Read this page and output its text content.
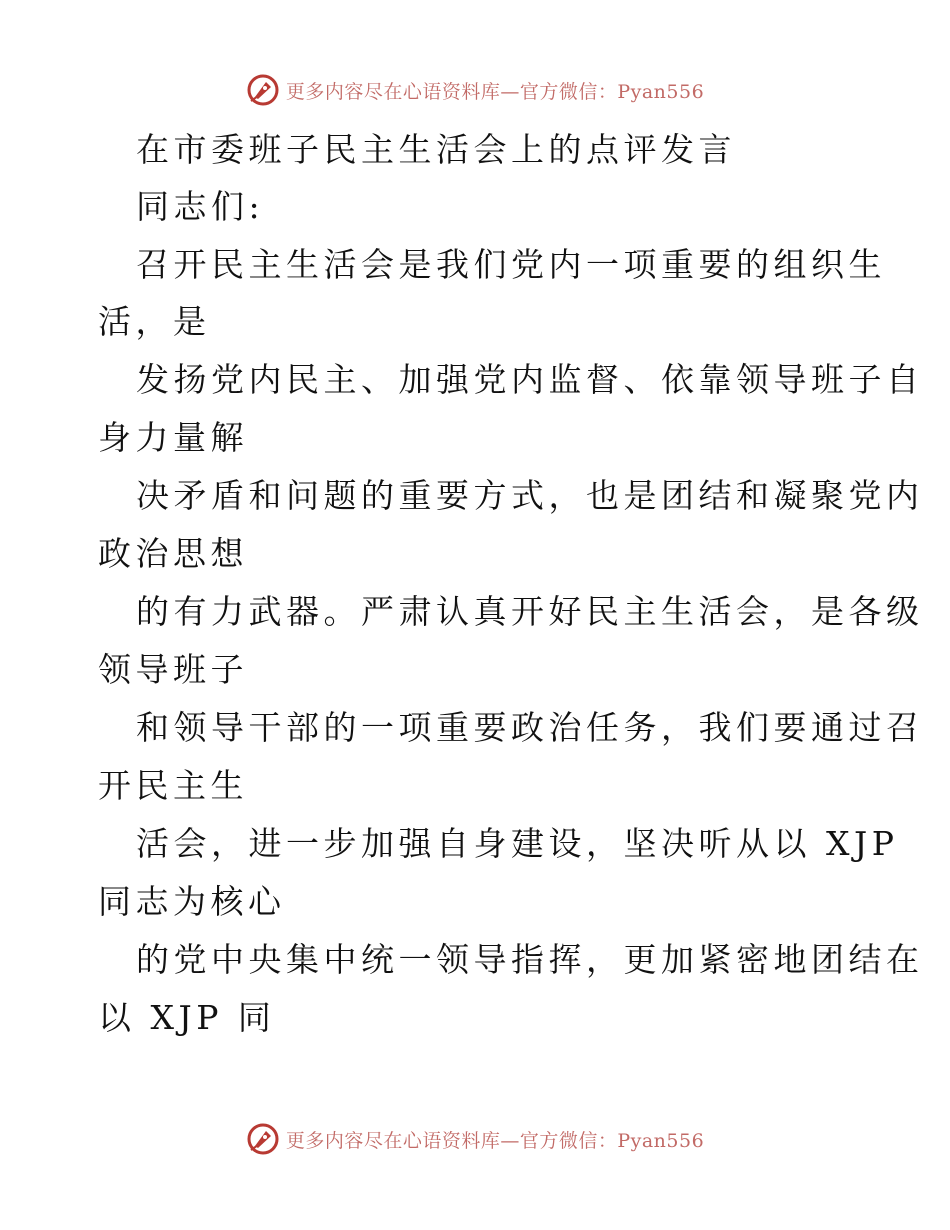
更多内容尽在心语资料库—官方微信：Pyan556
在市委班子民主生活会上的点评发言
同志们:
召开民主生活会是我们党内一项重要的组织生
活，是
发扬党内民主、加强党内监督、依靠领导班子自
身力量解
决矛盾和问题的重要方式，也是团结和凝聚党内
政治思想
的有力武器。严肃认真开好民主生活会，是各级
领导班子
和领导干部的一项重要政治任务，我们要通过召
开民主生
活会，进一步加强自身建设，坚决听从以 XJP
同志为核心
的党中央集中统一领导指挥，更加紧密地团结在
以 XJP 同
更多内容尽在心语资料库—官方微信：Pyan556
